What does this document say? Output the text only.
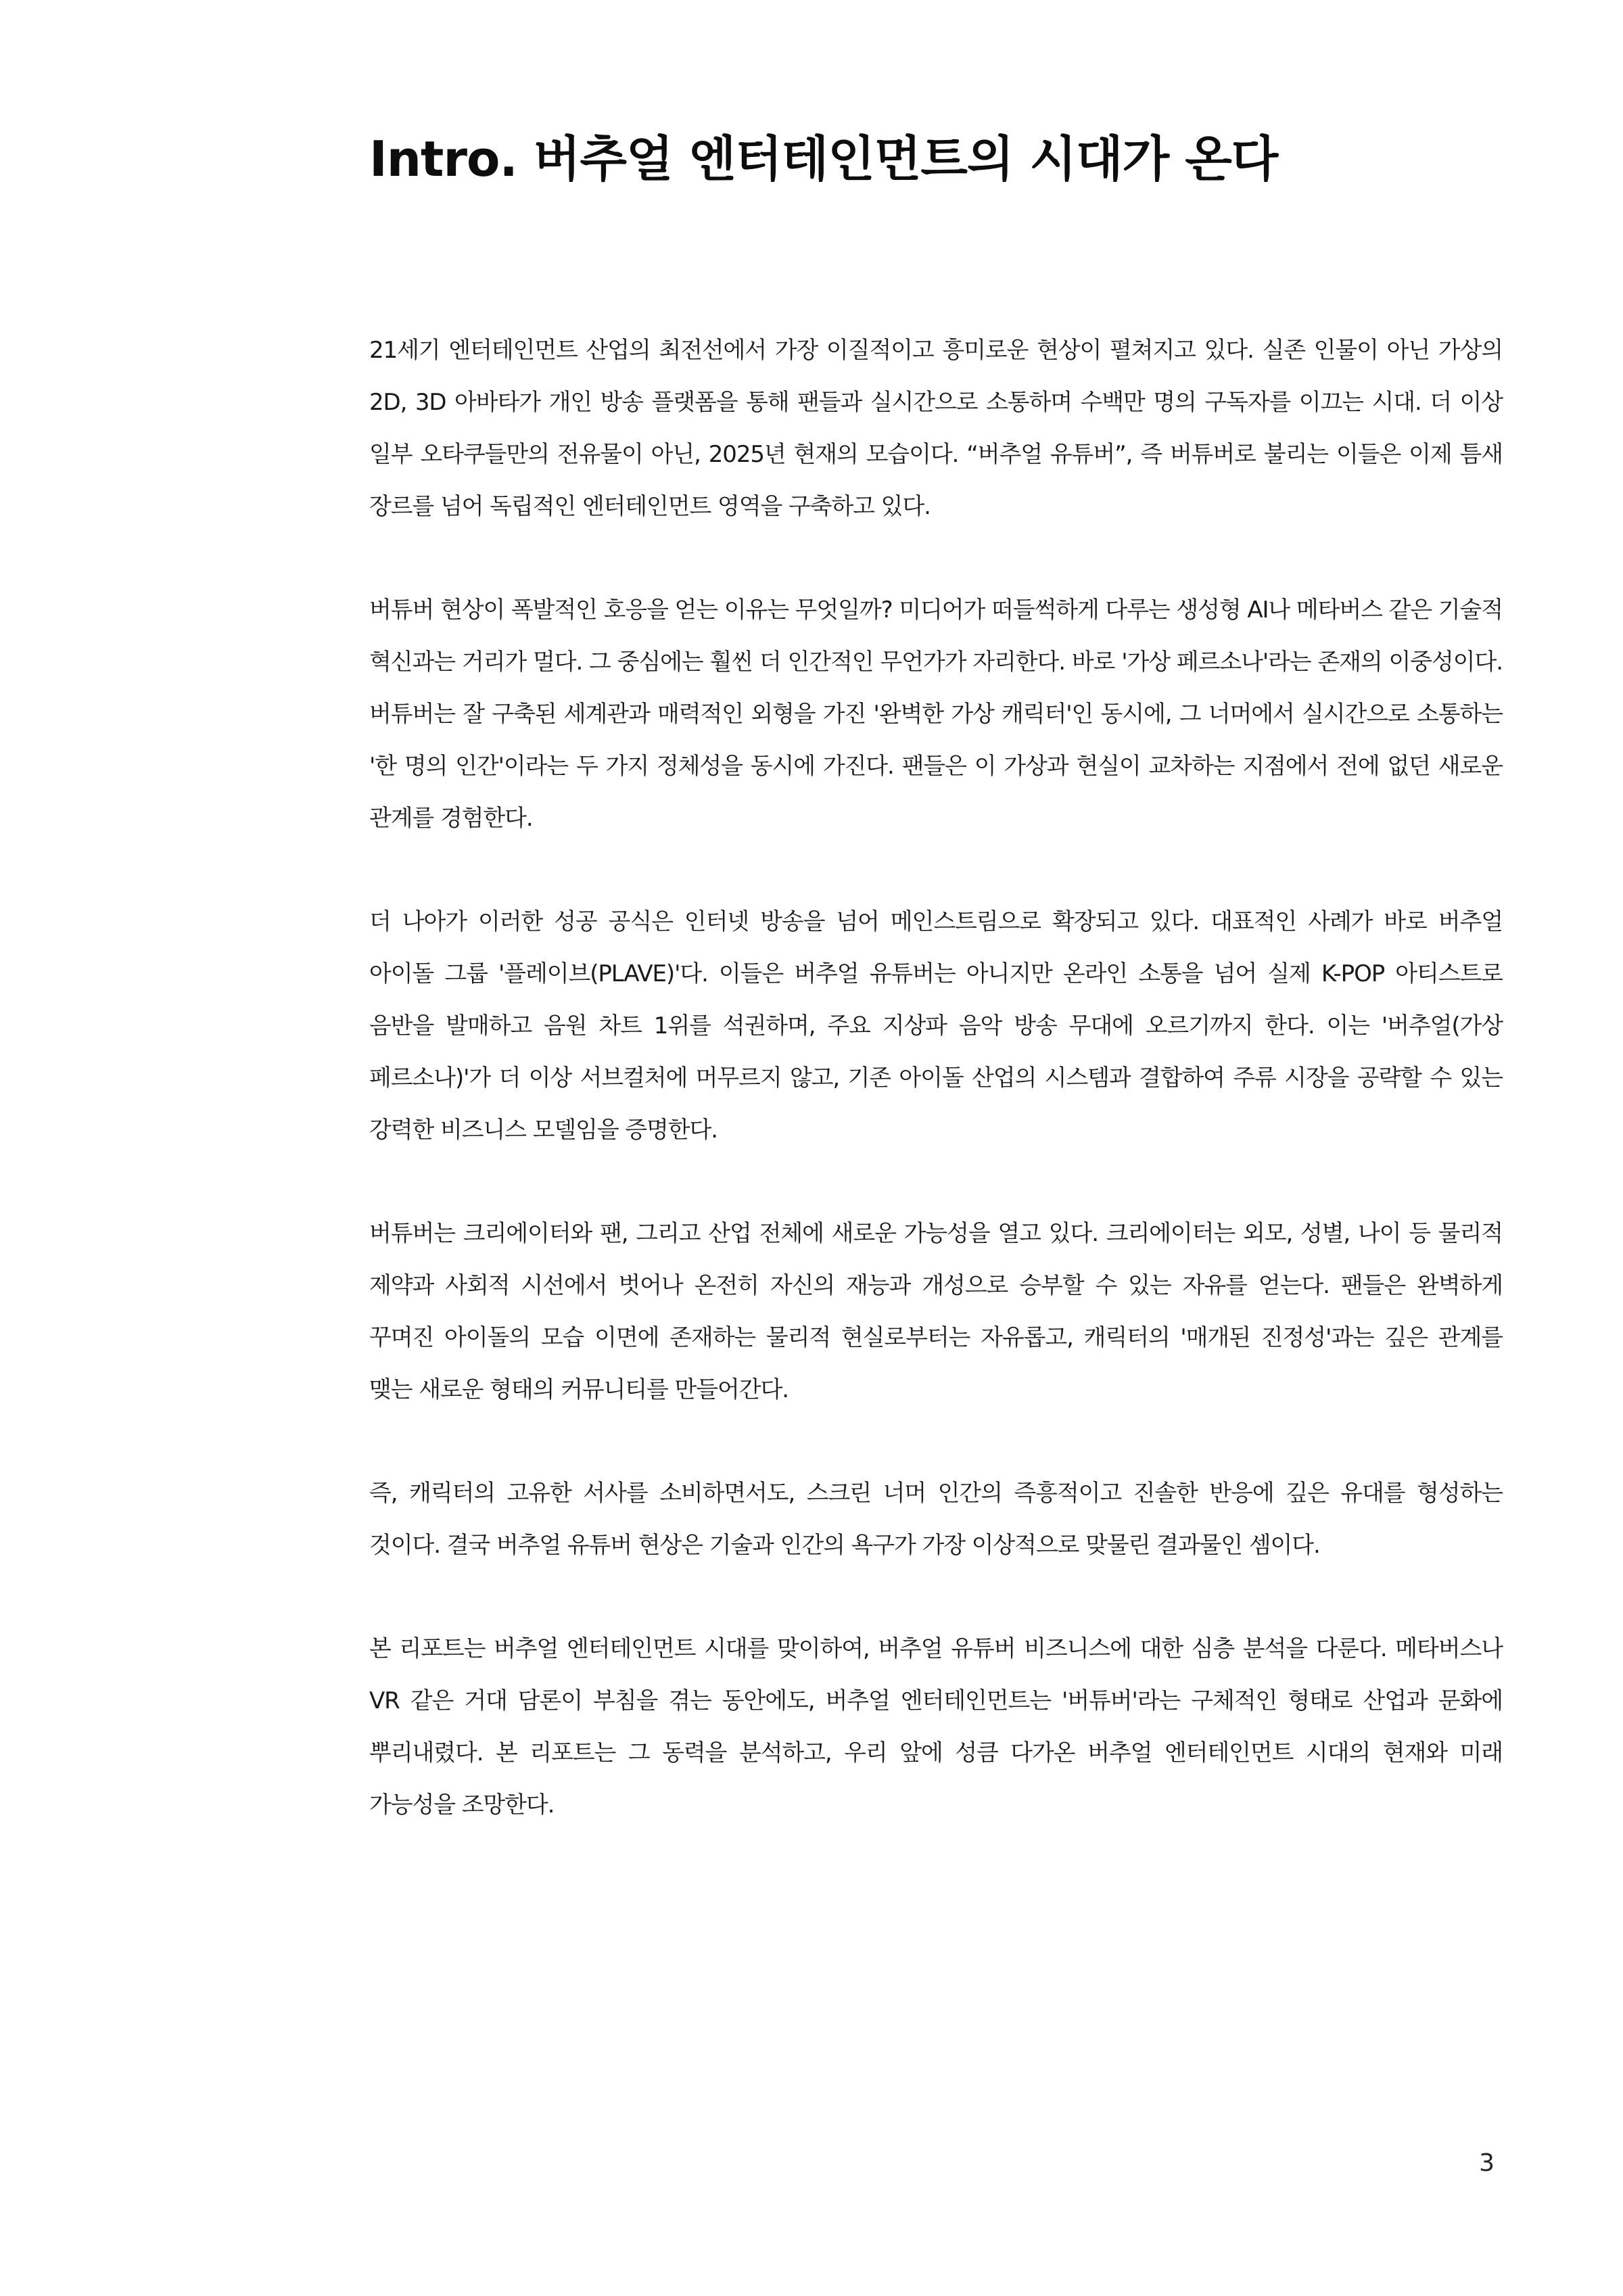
Intro. 버추얼 엔터테인먼트의 시대가 온다

21세기 엔터테인먼트 산업의 최전선에서 가장 이질적이고 흥미로운 현상이 펼쳐지고 있다. 실존 인물이 아닌 가상의 2D, 3D 아바타가 개인 방송 플랫폼을 통해 팬들과 실시간으로 소통하며 수백만 명의 구독자를 이끄는 시대. 더 이상 일부 오타쿠들만의 전유물이 아닌, 2025년 현재의 모습이다. “버추얼 유튜버”, 즉 버튜버로 불리는 이들은 이제 틈새 장르를 넘어 독립적인 엔터테인먼트 영역을 구축하고 있다.

버튜버 현상이 폭발적인 호응을 얻는 이유는 무엇일까? 미디어가 떠들썩하게 다루는 생성형 AI나 메타버스 같은 기술적 혁신과는 거리가 멀다. 그 중심에는 훨씬 더 인간적인 무언가가 자리한다. 바로 '가상 페르소나'라는 존재의 이중성이다. 버튜버는 잘 구축된 세계관과 매력적인 외형을 가진 '완벽한 가상 캐릭터'인 동시에, 그 너머에서 실시간으로 소통하는 '한 명의 인간'이라는 두 가지 정체성을 동시에 가진다. 팬들은 이 가상과 현실이 교차하는 지점에서 전에 없던 새로운 관계를 경험한다.

더 나아가 이러한 성공 공식은 인터넷 방송을 넘어 메인스트림으로 확장되고 있다. 대표적인 사례가 바로 버추얼 아이돌 그룹 '플레이브(PLAVE)'다. 이들은 버추얼 유튜버는 아니지만 온라인 소통을 넘어 실제 K-POP 아티스트로 음반을 발매하고 음원 차트 1위를 석권하며, 주요 지상파 음악 방송 무대에 오르기까지 한다. 이는 '버추얼(가상 페르소나)'가 더 이상 서브컬처에 머무르지 않고, 기존 아이돌 산업의 시스템과 결합하여 주류 시장을 공략할 수 있는 강력한 비즈니스 모델임을 증명한다.

버튜버는 크리에이터와 팬, 그리고 산업 전체에 새로운 가능성을 열고 있다. 크리에이터는 외모, 성별, 나이 등 물리적 제약과 사회적 시선에서 벗어나 온전히 자신의 재능과 개성으로 승부할 수 있는 자유를 얻는다. 팬들은 완벽하게 꾸며진 아이돌의 모습 이면에 존재하는 물리적 현실로부터는 자유롭고, 캐릭터의 '매개된 진정성'과는 깊은 관계를 맺는 새로운 형태의 커뮤니티를 만들어간다.

즉, 캐릭터의 고유한 서사를 소비하면서도, 스크린 너머 인간의 즉흥적이고 진솔한 반응에 깊은 유대를 형성하는 것이다. 결국 버추얼 유튜버 현상은 기술과 인간의 욕구가 가장 이상적으로 맞물린 결과물인 셈이다.

본 리포트는 버추얼 엔터테인먼트 시대를 맞이하여, 버추얼 유튜버 비즈니스에 대한 심층 분석을 다룬다. 메타버스나 VR 같은 거대 담론이 부침을 겪는 동안에도, 버추얼 엔터테인먼트는 '버튜버'라는 구체적인 형태로 산업과 문화에 뿌리내렸다. 본 리포트는 그 동력을 분석하고, 우리 앞에 성큼 다가온 버추얼 엔터테인먼트 시대의 현재와 미래 가능성을 조망한다.

3
